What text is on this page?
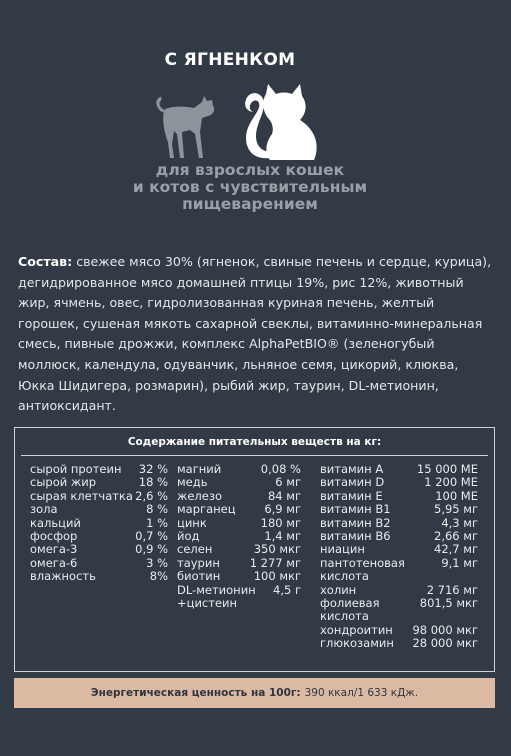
С ЯГНЕНКОМ
для взрослых кошек
и котов с чувствительным
пищеварением
Состав: свежее мясо 30% (ягненок, свиные печень и сердце, курица), дегидрированное мясо домашней птицы 19%, рис 12%, животный жир, ячмень, овес, гидролизованная куриная печень, желтый горошек, сушеная мякоть сахарной свеклы, витаминно-минеральная смесь, пивные дрожжи, комплекс AlphaPetBIO® (зеленогубый моллюск, календула, одуванчик, льняное семя, цикорий, клюква, Юкка Шидигера, розмарин), рыбий жир, таурин, DL-метионин, антиоксидант.
Содержание питательных веществ на кг:
сырой протеин 32 %
сырой жир	18 %
сырая клетчатка 2,6 %
зола	8 %
кальций	1 %
фосфор	0,7 %
омега-3	0,9 %
омега-6	3 %
влажность	8%
магний	0,08 %
медь	6 мг
железо	84 мг
марганец	6,9 мг
цинк	180 мг
йод	1,4 мг
селен	350 мкг
таурин	1 277 мг
биотин	100 мкг
DL-метионин 4,5 г
+цистеин
витамин А	15 000 МЕ
витамин D	1 200 МЕ
витамин Е	100 МЕ
витамин В1	5,95 мг
витамин В2	4,3 мг
витамин В6	2,66 мг
ниацин	42,7 мг
пантотеновая	9,1 мг
кислота
холин	2 716 мг
фолиевая	801,5 мкг
кислота
хондроитин 98 000 мкг
глюкозамин 28 000 мкг
Энергетическая ценность на 100г: 390 ккал/1 633 кДж.
